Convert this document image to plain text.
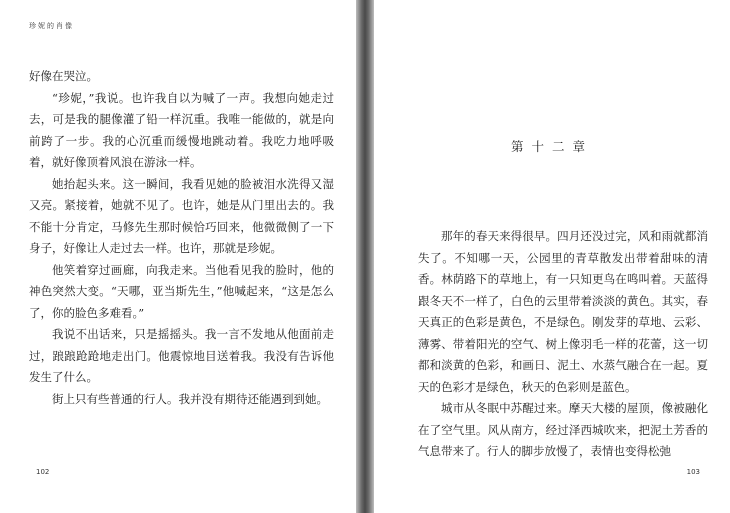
珍妮的肖像

好像在哭泣。

“珍妮，”我说。也许我自以为喊了一声。我想向她走过去，可是我的腿像灌了铅一样沉重。我唯一能做的，就是向前跨了一步。我的心沉重而缓慢地跳动着。我吃力地呼吸着，就好像顶着风浪在游泳一样。

她抬起头来。这一瞬间，我看见她的脸被泪水洗得又湿又亮。紧接着，她就不见了。也许，她是从门里出去的。我不能十分肯定，马修先生那时候恰巧回来，他微微侧了一下身子，好像让人走过去一样。也许，那就是珍妮。

他笑着穿过画廊，向我走来。当他看见我的脸时，他的神色突然大变。“天哪，亚当斯先生，”他喊起来，“这是怎么了，你的脸色多难看。”

我说不出话来，只是摇摇头。我一言不发地从他面前走过，踉踉跄跄地走出门。他震惊地目送着我。我没有告诉他发生了什么。

街上只有些普通的行人。我并没有期待还能遇到到她。

102
第十二章

那年的春天来得很早。四月还没过完，风和雨就都消失了。不知哪一天，公园里的青草散发出带着甜味的清香。林荫路下的草地上，有一只知更鸟在鸣叫着。天蓝得跟冬天不一样了，白色的云里带着淡淡的黄色。其实，春天真正的色彩是黄色，不是绿色。刚发芽的草地、云彩、薄雾、带着阳光的空气、树上像羽毛一样的花蕾，这一切都和淡黄的色彩，和画日、泥土、水蒸气融合在一起。夏天的色彩才是绿色，秋天的色彩则是蓝色。

城市从冬眠中苏醒过来。摩天大楼的屋顶，像被融化在了空气里。风从南方，经过泽西城吹来，把泥土芳香的气息带来了。行人的脚步放慢了，表情也变得松弛

103
